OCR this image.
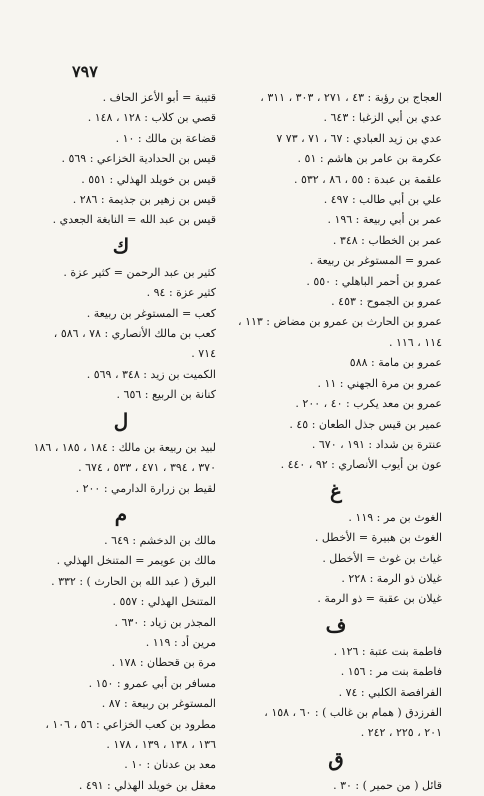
٧٩٧
العجاج بن رؤبة : ٤٣ ، ٢٧١ ، ٣٠٣ ، ٣١١ ،
عدي بن أبي الزغبا : ٦٤٣ .
عدي بن زيد العبادي : ٦٧ ، ٧١ ، ٧٣ ٧
عكرمة بن عامر بن هاشم : ٥١ .
علقمة بن عبدة : ٥٥ ، ٨٦ ، ٥٣٢ .
علي بن أبي طالب : ٤٩٧ .
عمر بن أبي ربيعة : ١٩٦ .
عمر بن الخطاب : ٣٤٨ .
عمرو = المستوغر بن ربيعة .
عمرو بن أحمر الباهلي : ٥٥٠ .
عمرو بن الجموح : ٤٥٣ .
عمرو بن الحارث بن عمرو بن مضاض : ١١٣ ،
١١٤ ، ١١٦ .
عمرو بن مامة : ٥٨٨
عمرو بن مرة الجهني : ١١ .
عمرو بن معد يكرب : ٤٠ ، ٢٠٠ .
عمير بن قيس جذل الطعان : ٤٥ .
عنترة بن شداد : ١٩١ ، ٦٧٠ .
عون بن أيوب الأنصاري : ٩٢ ، ٤٤٠ .
غ
الغوث بن مر : ١١٩ .
الغوث بن هبيرة = الأخطل .
غياث بن غوث = الأخطل .
غيلان ذو الرمة : ٢٢٨ .
غيلان بن عقبة = ذو الرمة .
ف
فاطمة بنت عتبة : ١٢٦ .
فاطمة بنت مر : ١٥٦ .
الفرافصة الكلبي : ٧٤ .
الفرزدق ( همام بن غالب ) : ٦٠ ، ١٥٨ ،
٢٠١ ، ٢٢٥ ، ٢٤٢ .
ق
قائل ( من حمير ) : ٣٠ .
قتيبة = أبو الأعز الحاف .
قصي بن كلاب : ١٢٨ ، ١٤٨ .
قضاعة بن مالك : ١٠ .
قيس بن الحدادية الخزاعي : ٥٦٩ .
قيس بن خويلد الهذلي : ٥٥١ .
قيس بن زهير بن جذيمة : ٢٨٦ .
قيس بن عبد الله = النابغة الجعدي .
ك
كثير بن عبد الرحمن = كثير عزة .
كثير عزة : ٩٤ .
كعب = المستوغر بن ربيعة .
كعب بن مالك الأنصاري : ٧٨ ، ٥٨٦ ،
٧١٤ .
الكميت بن زيد : ٣٤٨ ، ٥٦٩ .
كنانة بن الربيع : ٦٥٦ .
ل
لبيد بن ربيعة بن مالك : ١٨٤ ، ١٨٥ ، ١٨٦
٣٧٠ ، ٣٩٤ ، ٤٧١ ، ٥٣٣ ، ٦٧٤ .
لقيط بن زرارة الدارمي : ٢٠٠ .
م
مالك بن الدخشم : ٦٤٩ .
مالك بن عويمر = المتنخل الهذلي .
البرق ( عبد الله بن الحارث ) : ٣٣٢ .
المتنخل الهذلي : ٥٥٧ .
المجذر بن زياد : ٦٣٠ .
مرين أد : ١١٩ .
مرة بن قحطان : ١٧٨ .
مسافر بن أبي عمرو : ١٥٠ .
المستوغر بن ربيعة : ٨٧ .
مطرود بن كعب الخزاعي : ٥٦ ، ١٠٦ ،
١٣٦ ، ١٣٨ ، ١٣٩ ، ١٧٨ .
معد بن عدنان : ١٠ .
معقل بن خويلد الهذلي : ٤٩١ .
